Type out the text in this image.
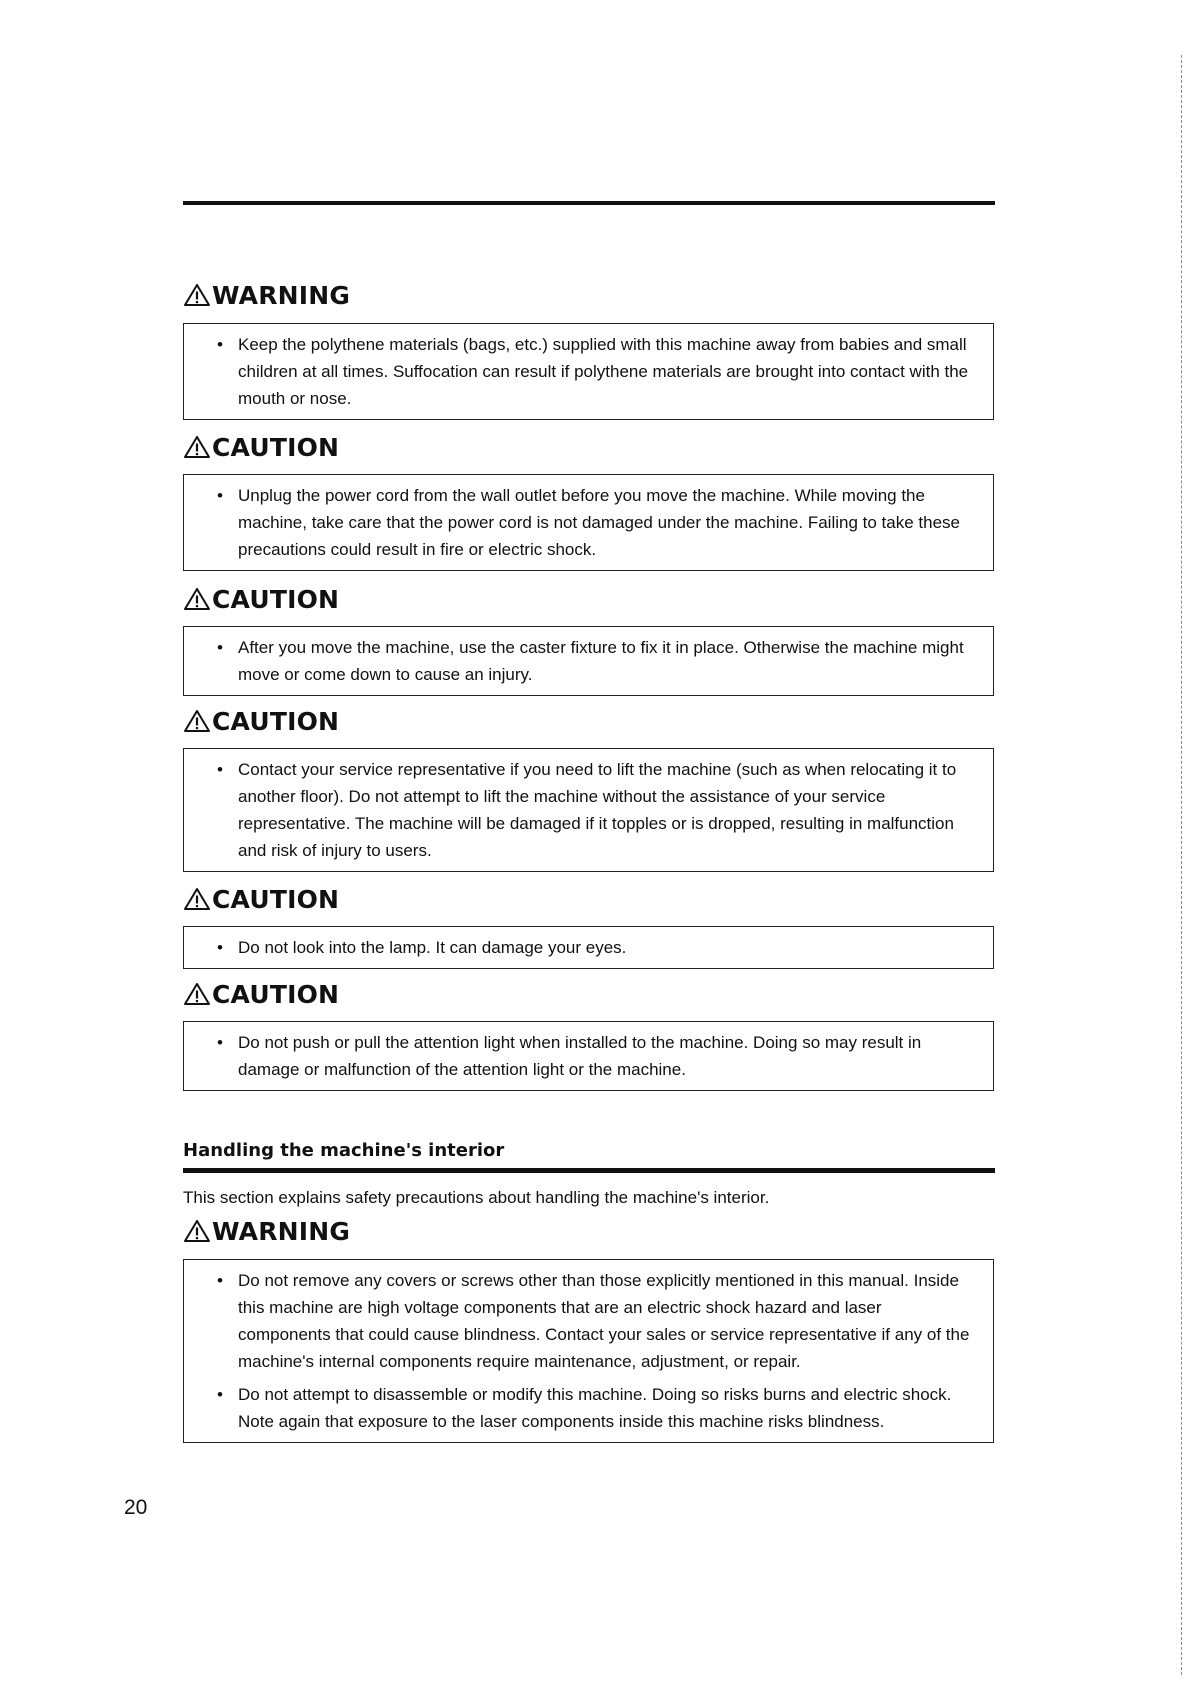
WARNING
• Keep the polythene materials (bags, etc.) supplied with this machine away from babies and small children at all times. Suffocation can result if polythene materials are brought into contact with the mouth or nose.
CAUTION
• Unplug the power cord from the wall outlet before you move the machine. While moving the machine, take care that the power cord is not damaged under the machine. Failing to take these precautions could result in fire or electric shock.
CAUTION
• After you move the machine, use the caster fixture to fix it in place. Otherwise the machine might move or come down to cause an injury.
CAUTION
• Contact your service representative if you need to lift the machine (such as when relocating it to another floor). Do not attempt to lift the machine without the assistance of your service representative. The machine will be damaged if it topples or is dropped, resulting in malfunction and risk of injury to users.
CAUTION
• Do not look into the lamp. It can damage your eyes.
CAUTION
• Do not push or pull the attention light when installed to the machine. Doing so may result in damage or malfunction of the attention light or the machine.
Handling the machine's interior
This section explains safety precautions about handling the machine's interior.
WARNING
• Do not remove any covers or screws other than those explicitly mentioned in this manual. Inside this machine are high voltage components that are an electric shock hazard and laser components that could cause blindness. Contact your sales or service representative if any of the machine's internal components require maintenance, adjustment, or repair.
• Do not attempt to disassemble or modify this machine. Doing so risks burns and electric shock. Note again that exposure to the laser components inside this machine risks blindness.
20
